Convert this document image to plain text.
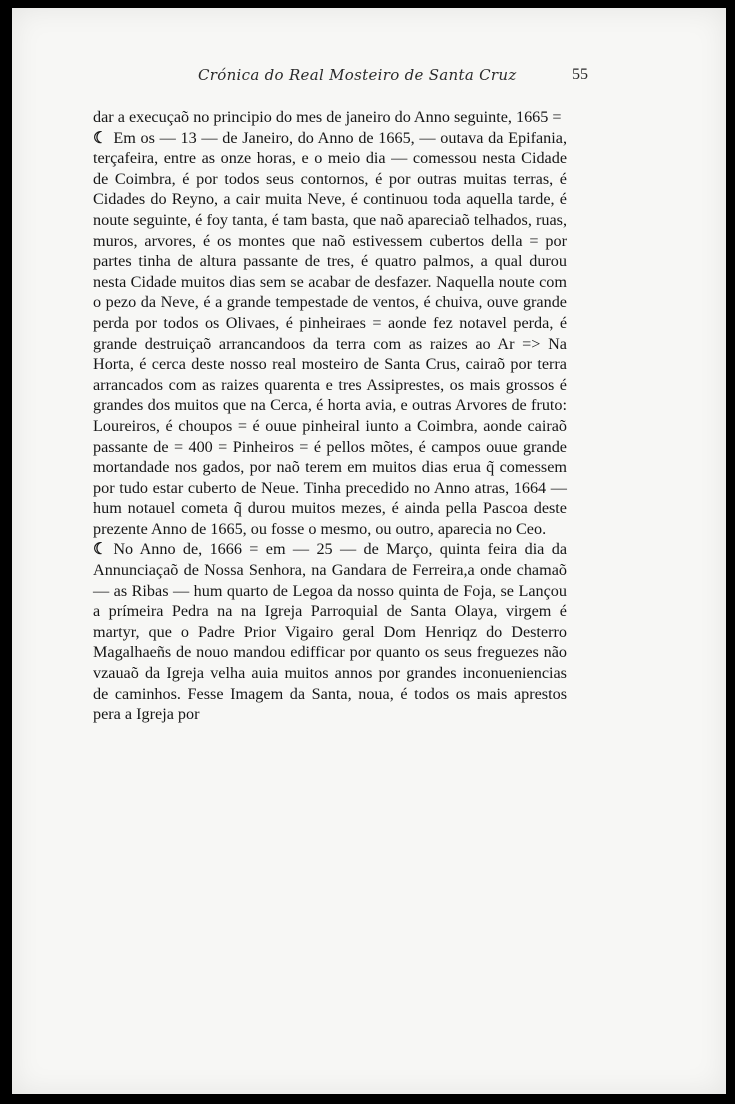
Crónica do Real Mosteiro de Santa Cruz	55

dar a execuçaõ no principio do mes de janeiro do Anno seguinte, 1665 =

☾ Em os — 13 — de Janeiro, do Anno de 1665, — outava da Epifania, terçafeira, entre as onze horas, e o meio dia — comessou nesta Cidade de Coimbra, é por todos seus contornos, é por outras muitas terras, é Cidades do Reyno, a cair muita Neve, é continuou toda aquella tarde, é noute seguinte, é foy tanta, é tam basta, que naõ apareciaõ telhados, ruas, muros, arvores, é os montes que naõ estivessem cubertos della = por partes tinha de altura passante de tres, é quatro palmos, a qual durou nesta Cidade muitos dias sem se acabar de desfazer. Naquella noute com o pezo da Neve, é a grande tempestade de ventos, é chuiva, ouve grande perda por todos os Olivaes, é pinheiraes = aonde fez notavel perda, é grande destruiçaõ arrancandoos da terra com as raizes ao Ar => Na Horta, é cerca deste nosso real mosteiro de Santa Crus, cairaõ por terra arrancados com as raizes quarenta e tres Assiprestes, os mais grossos é grandes dos muitos que na Cerca, é horta avia, e outras Arvores de fruto: Loureiros, é choupos = é ouue pinheiral iunto a Coimbra, aonde cairaõ passante de = 400 = Pinheiros = é pellos mõtes, é campos ouue grande mortandade nos gados, por naõ terem em muitos dias erua q̃ comessem por tudo estar cuberto de Neue. Tinha precedido no Anno atras, 1664 — hum notauel cometa q̃ durou muitos mezes, é ainda pella Pascoa deste prezente Anno de 1665, ou fosse o mesmo, ou outro, aparecia no Ceo.

☾ No Anno de, 1666 = em — 25 — de Março, quinta feira dia da Annunciaçaõ de Nossa Senhora, na Gandara de Ferreira,a onde chamaõ — as Ribas — hum quarto de Legoa da nosso quinta de Foja, se Lançou a prímeira Pedra na na Igreja Parroquial de Santa Olaya, virgem é martyr, que o Padre Prior Vigairo geral Dom Henriqz do Desterro Magalhaeñs de nouo mandou edifficar por quanto os seus freguezes não vzauaõ da Igreja velha auia muitos annos por grandes inconueniencias de caminhos. Fesse Imagem da Santa, noua, é todos os mais aprestos pera a Igreja por
